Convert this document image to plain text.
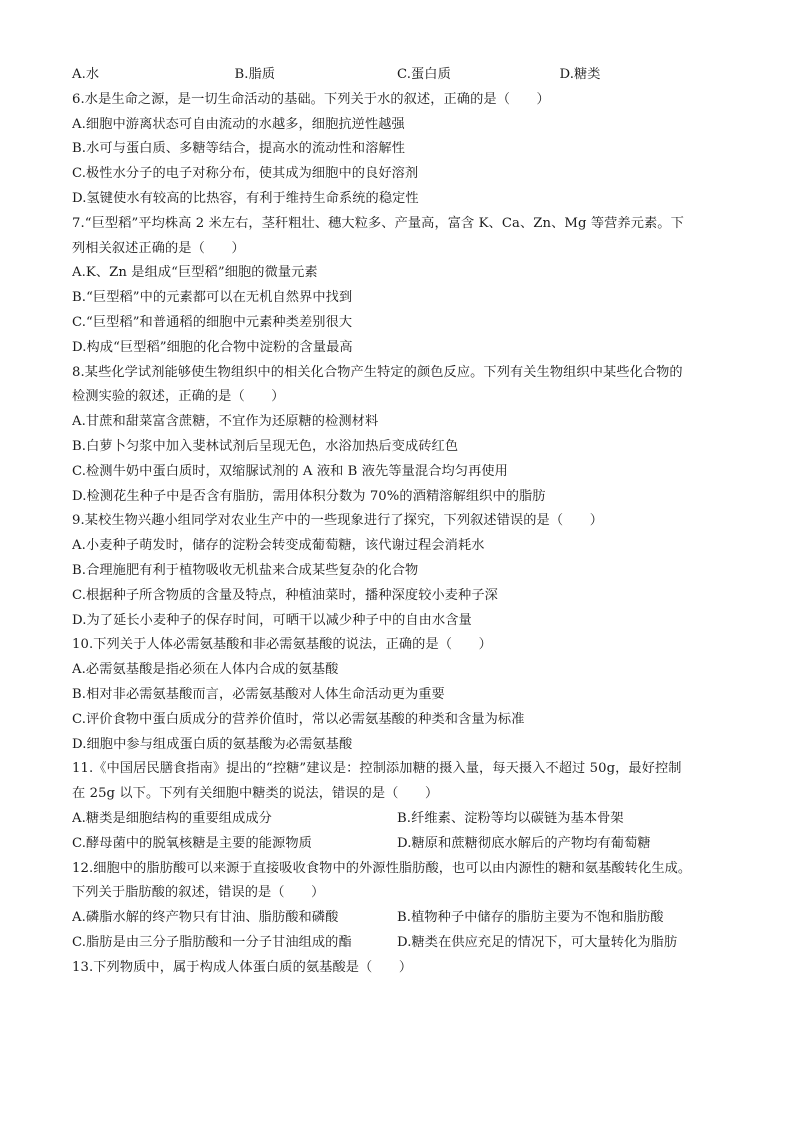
A.水	B.脂质	C.蛋白质	D.糖类
6.水是生命之源，是一切生命活动的基础。下列关于水的叙述，正确的是（　　）
A.细胞中游离状态可自由流动的水越多，细胞抗逆性越强
B.水可与蛋白质、多糖等结合，提高水的流动性和溶解性
C.极性水分子的电子对称分布，使其成为细胞中的良好溶剂
D.氢键使水有较高的比热容，有利于维持生命系统的稳定性
7.“巨型稻”平均株高 2 米左右，茎秆粗壮、穗大粒多、产量高，富含 K、Ca、Zn、Mg 等营养元素。下
列相关叙述正确的是（　　）
A.K、Zn 是组成“巨型稻”细胞的微量元素
B.“巨型稻”中的元素都可以在无机自然界中找到
C.“巨型稻”和普通稻的细胞中元素种类差别很大
D.构成“巨型稻”细胞的化合物中淀粉的含量最高
8.某些化学试剂能够使生物组织中的相关化合物产生特定的颜色反应。下列有关生物组织中某些化合物的
检测实验的叙述，正确的是（　　）
A.甘蔗和甜菜富含蔗糖，不宜作为还原糖的检测材料
B.白萝卜匀浆中加入斐林试剂后呈现无色，水浴加热后变成砖红色
C.检测牛奶中蛋白质时，双缩脲试剂的 A 液和 B 液先等量混合均匀再使用
D.检测花生种子中是否含有脂肪，需用体积分数为 70%的酒精溶解组织中的脂肪
9.某校生物兴趣小组同学对农业生产中的一些现象进行了探究，下列叙述错误的是（　　）
A.小麦种子萌发时，储存的淀粉会转变成葡萄糖，该代谢过程会消耗水
B.合理施肥有利于植物吸收无机盐来合成某些复杂的化合物
C.根据种子所含物质的含量及特点，种植油菜时，播种深度较小麦种子深
D.为了延长小麦种子的保存时间，可晒干以减少种子中的自由水含量
10.下列关于人体必需氨基酸和非必需氨基酸的说法，正确的是（　　）
A.必需氨基酸是指必须在人体内合成的氨基酸
B.相对非必需氨基酸而言，必需氨基酸对人体生命活动更为重要
C.评价食物中蛋白质成分的营养价值时，常以必需氨基酸的种类和含量为标准
D.细胞中参与组成蛋白质的氨基酸为必需氨基酸
11.《中国居民膳食指南》提出的“控糖”建议是：控制添加糖的摄入量，每天摄入不超过 50g，最好控制
在 25g 以下。下列有关细胞中糖类的说法，错误的是（　　）
A.糖类是细胞结构的重要组成成分	B.纤维素、淀粉等均以碳链为基本骨架
C.酵母菌中的脱氧核糖是主要的能源物质	D.糖原和蔗糖彻底水解后的产物均有葡萄糖
12.细胞中的脂肪酸可以来源于直接吸收食物中的外源性脂肪酸，也可以由内源性的糖和氨基酸转化生成。
下列关于脂肪酸的叙述，错误的是（　　）
A.磷脂水解的终产物只有甘油、脂肪酸和磷酸	B.植物种子中储存的脂肪主要为不饱和脂肪酸
C.脂肪是由三分子脂肪酸和一分子甘油组成的酯	D.糖类在供应充足的情况下，可大量转化为脂肪
13.下列物质中，属于构成人体蛋白质的氨基酸是（　　）
